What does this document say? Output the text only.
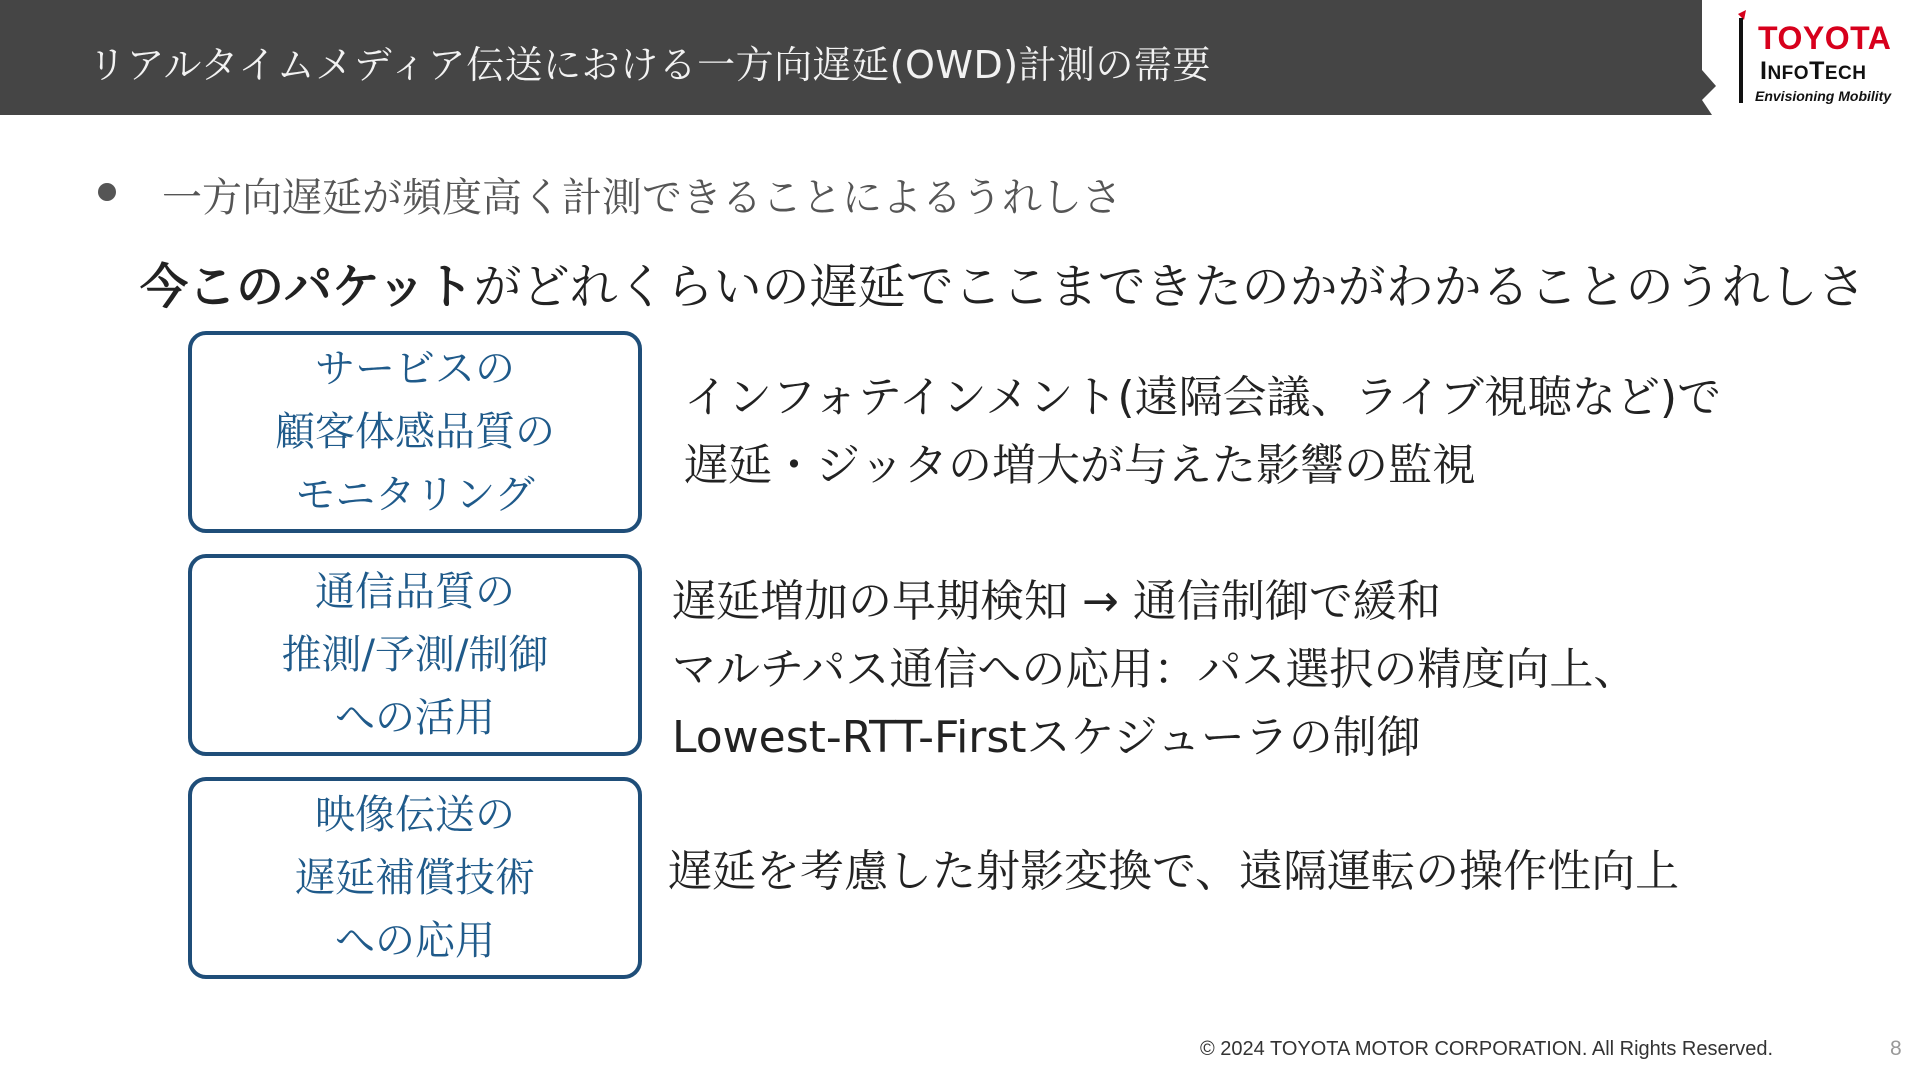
リアルタイムメディア伝送における一方向遅延(OWD)計測の需要
TOYOTA
INFOTECH
Envisioning Mobility
一方向遅延が頻度高く計測できることによるうれしさ
今このパケットがどれくらいの遅延でここまできたのかがわかることのうれしさ
サービスの
顧客体感品質の
モニタリング
インフォテインメント(遠隔会議、ライブ視聴など)で
遅延・ジッタの増大が与えた影響の監視
通信品質の
推測/予測/制御
への活用
遅延増加の早期検知 → 通信制御で緩和
マルチパス通信への応用：パス選択の精度向上、
Lowest-RTT-Firstスケジューラの制御
映像伝送の
遅延補償技術
への応用
遅延を考慮した射影変換で、遠隔運転の操作性向上
© 2024 TOYOTA MOTOR CORPORATION. All Rights Reserved.	8
